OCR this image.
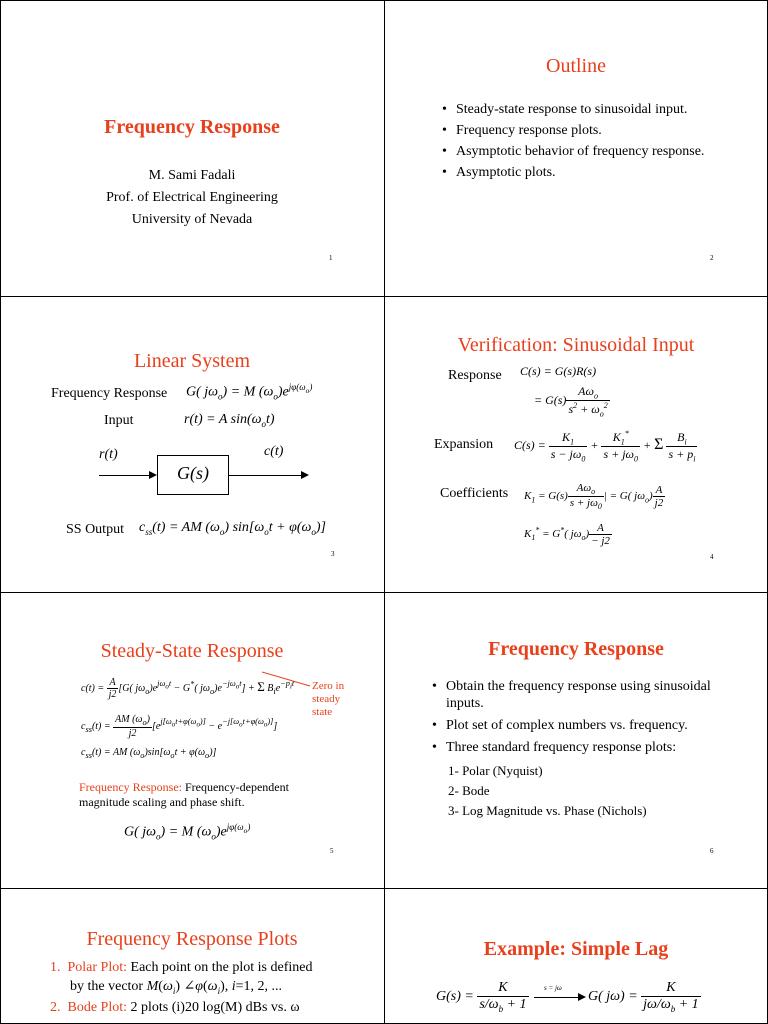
Frequency Response
M. Sami Fadali
Prof. of Electrical Engineering
University of Nevada
1
Outline
• Steady-state response to sinusoidal input.
• Frequency response plots.
• Asymptotic behavior of frequency response.
• Asymptotic plots.
2
Linear System
Frequency Response G( $j\omega_o) = M$ $(\omega_o)e^{j\varphi(\omega_o)}$
Input	r(t) = A $\sin(\omega_ot)$
r(t)	c(t)
G(s)
SS Output $c_{ss}(t)$ = AM $(\omega_o) \sin[\omega_ot + \varphi(\omega_o)]$
3
Verification: Sinusoidal Input
Response C(s) = G(s)R(s)
= $G(s) \frac{A\omega_o}{s^2 + \omega_o^2}$
Expansion $C(s) = \frac{K_1}{s - j\omega_0} + \frac{K_1^*}{s + j\omega_0} + \Sigma \frac{B_i}{s + p_i}$
Coefficients $K_1 = G(s) \frac{A\omega_o}{s + j\omega_0}$ | = G( $j\omega_o) \frac{A}{j2}$
$K_1^* = G^*$( $j\omega_o) \frac{A}{- j2}$
4
Steady-State Response
$c(t) = \frac{A}{j2} [G$( $j\omega_o)e^{j\omega_ot} - G^*$( $j\omega_o)e^{-j\omega_ot}] + \Sigma$ $B_ie^{-p_it}$ Zero in steady state
$c_{ss}(t) = \frac{AM (\omega_o)}{j2} [e^{j[\omega_ot+\varphi(\omega_o)]} - e^{-j[\omega_ot+\varphi(\omega_o)]}]$
$c_{ss}(t)$ = AM $(\omega_o)\sin[\omega_ot + \varphi(\omega_o)]$
Frequency Response: Frequency-dependent magnitude scaling and phase shift.
G( $j\omega_o) = M$ $(\omega_o)e^{j\varphi(\omega_o)}$
5
Frequency Response
• Obtain the frequency response using sinusoidal inputs.
• Plot set of complex numbers vs. frequency.
• Three standard frequency response plots:
1- Polar (Nyquist)
2- Bode
3- Log Magnitude vs. Phase (Nichols)
6
Frequency Response Plots
1. Polar Plot: Each point on the plot is defined
by the vector $M(\omega_i)$ $\angle\varphi(\omega_i)$, i=1, 2, ...
2. Bode Plot: 2 plots (i)20 log(M) dBs vs. ω
Example: Simple Lag
$G(s) = \frac{K}{s/\omega_b + 1}$ s = jω
G( $j\omega) = \frac{K}{j\omega/\omega_b + 1}$
